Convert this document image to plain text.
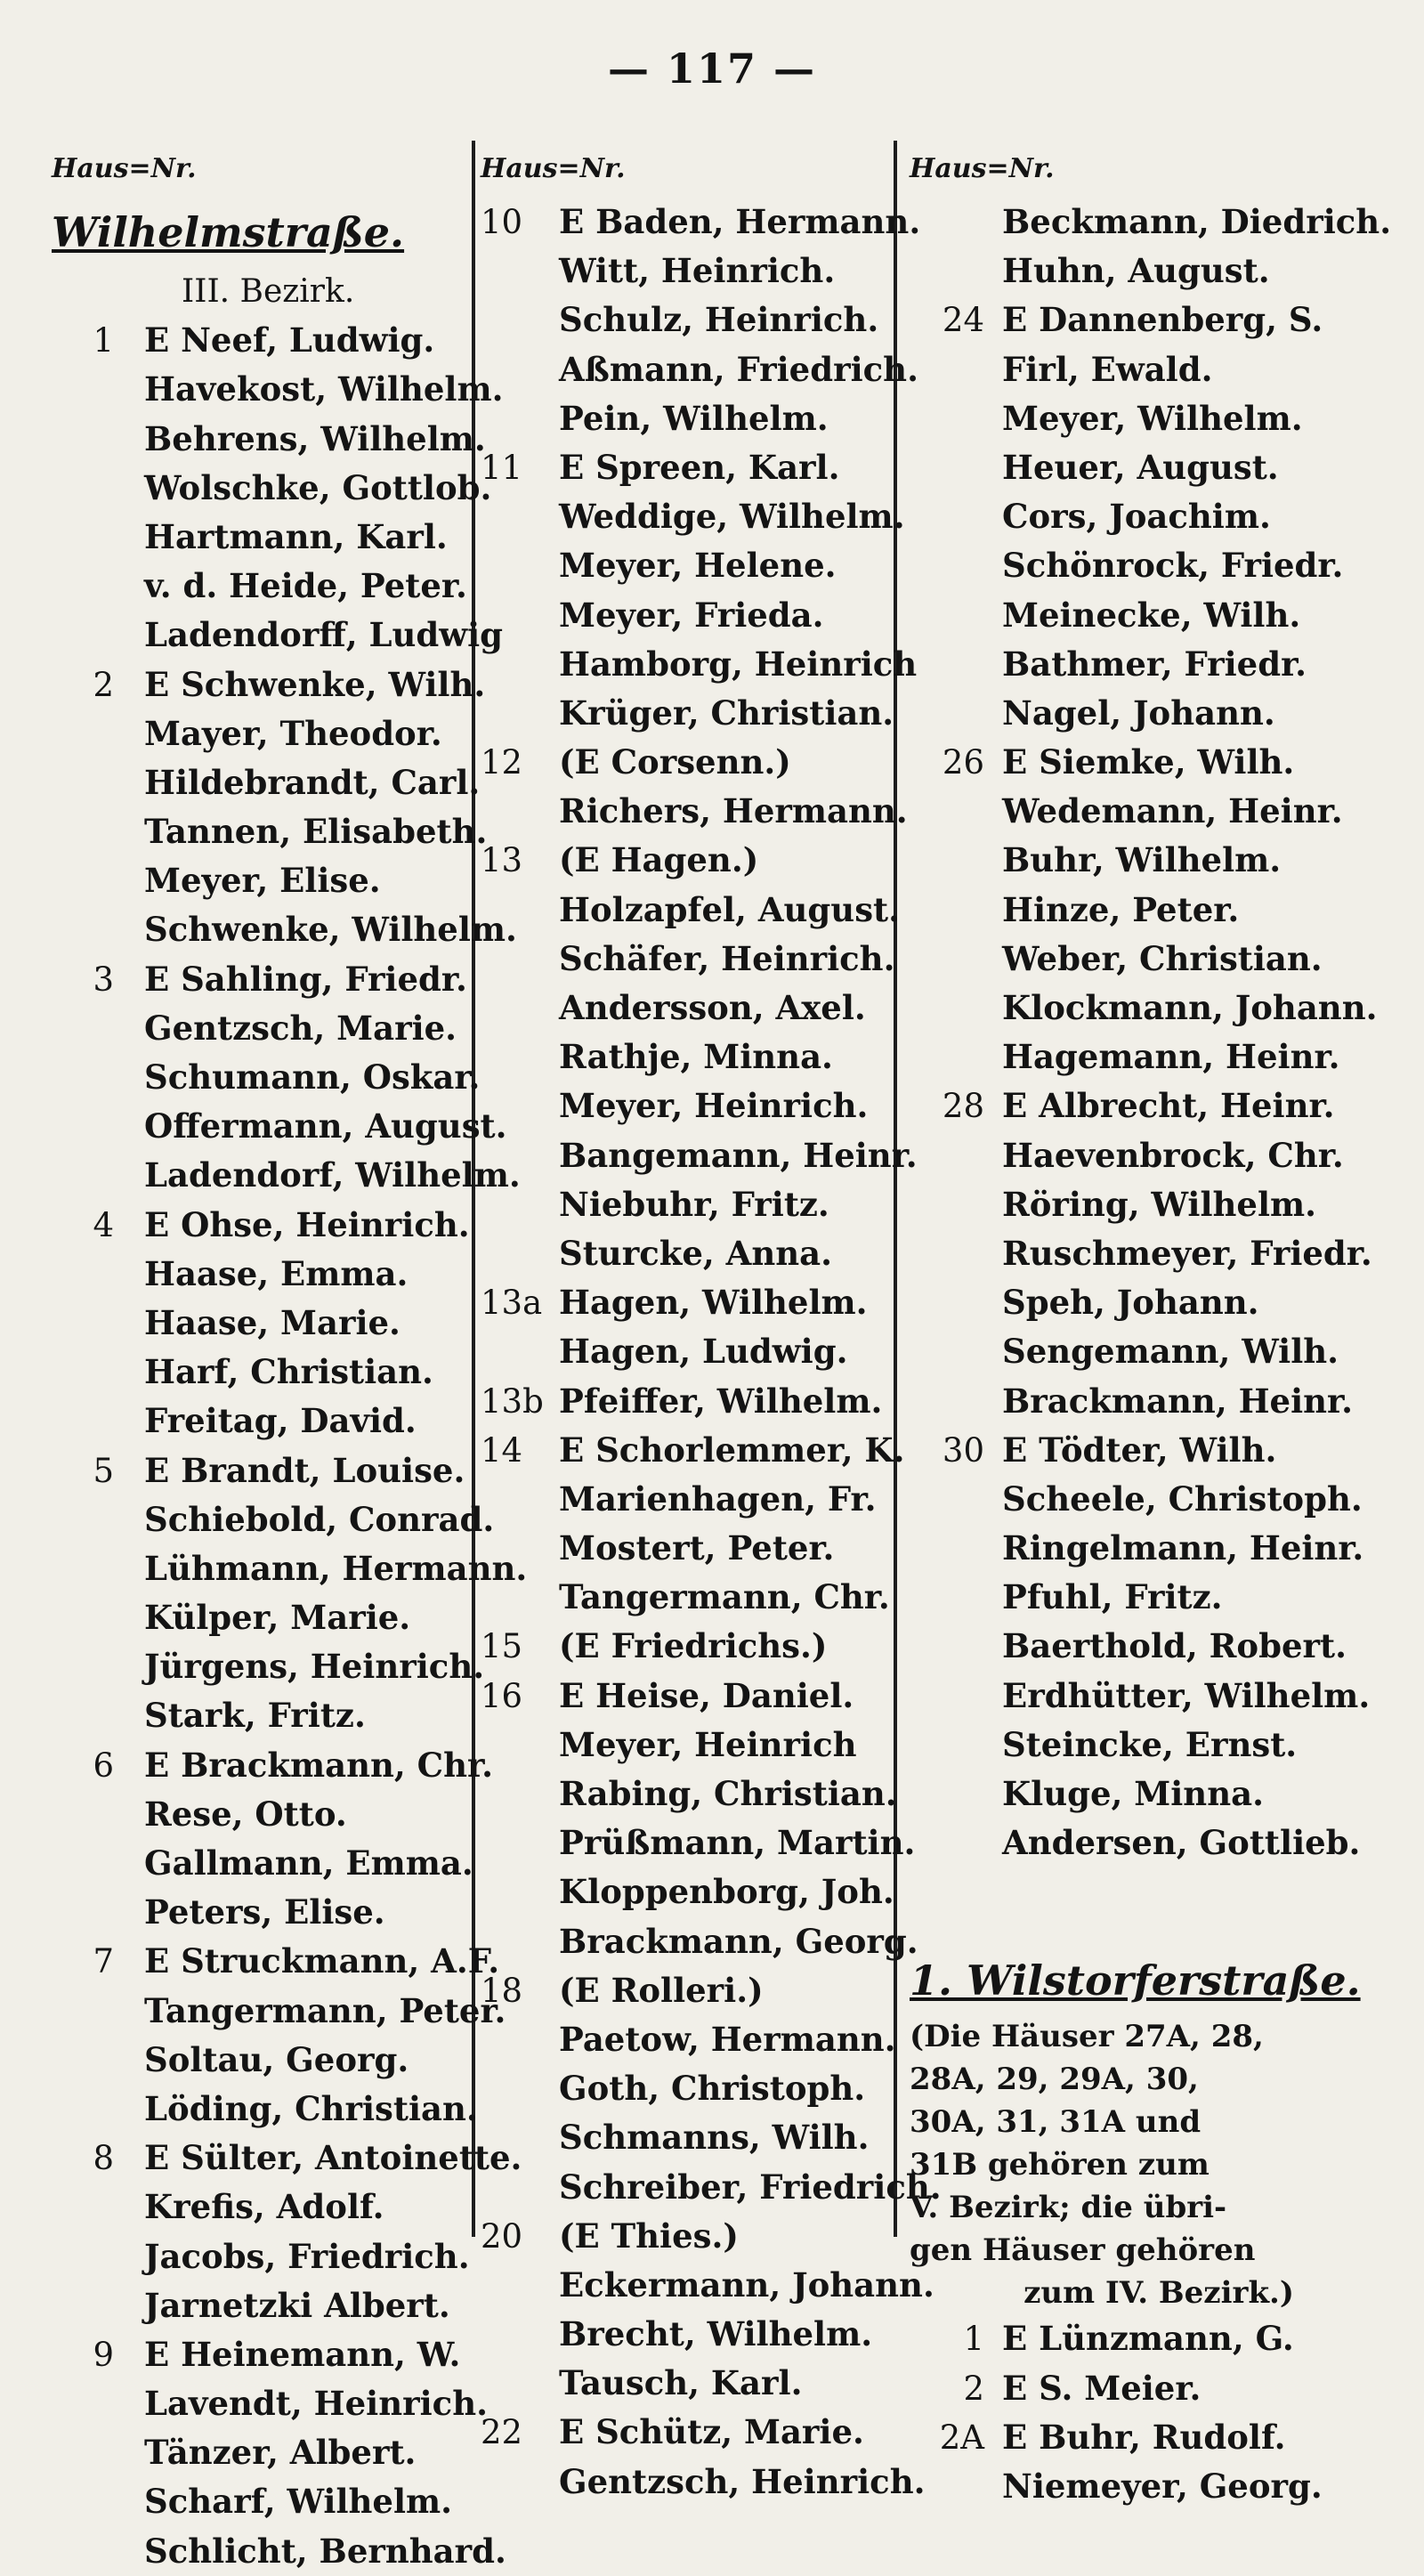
— 117 —
Haus=Nr.
Wilhelmstraße.
III. Bezirk.
1 E Neef, Ludwig.
Havekost, Wilhelm.
Behrens, Wilhelm.
Wolschke, Gottlob.
Hartmann, Karl.
v. d. Heide, Peter.
Ladendorff, Ludwig
2 E Schwenke, Wilh.
Mayer, Theodor.
Hildebrandt, Carl.
Tannen, Elisabeth.
Meyer, Elise.
Schwenke, Wilhelm.
3 E Sahling, Friedr.
Gentzsch, Marie.
Schumann, Oskar.
Offermann, August.
Ladendorf, Wilhelm.
4 E Ohse, Heinrich.
Haase, Emma.
Haase, Marie.
Harf, Christian.
Freitag, David.
5 E Brandt, Louise.
Schiebold, Conrad.
Lühmann, Hermann.
Külper, Marie.
Jürgens, Heinrich.
Stark, Fritz.
6 E Brackmann, Chr.
Rese, Otto.
Gallmann, Emma.
Peters, Elise.
7 E Struckmann, A.F.
Tangermann, Peter.
Soltau, Georg.
Löding, Christian.
8 E Sülter, Antoinette.
Krefis, Adolf.
Jacobs, Friedrich.
Jarnetzki Albert.
9 E Heinemann, W.
Lavendt, Heinrich.
Tänzer, Albert.
Scharf, Wilhelm.
Schlicht, Bernhard.
Haus=Nr.
10	E Baden, Hermann.
Witt, Heinrich.
Schulz, Heinrich.
Aßmann, Friedrich.
Pein, Wilhelm.
11	E Spreen, Karl.
Weddige, Wilhelm.
Meyer, Helene.
Meyer, Frieda.
Hamborg, Heinrich
Krüger, Christian.
12	(E Corsenn.)
Richers, Hermann.
13	(E Hagen.)
Holzapfel, August.
Schäfer, Heinrich.
Andersson, Axel.
Rathje, Minna.
Meyer, Heinrich.
Bangemann, Heinr.
Niebuhr, Fritz.
Sturcke, Anna.
13a Hagen, Wilhelm.
Hagen, Ludwig.
13b Pfeiffer, Wilhelm.
14	E Schorlemmer, K.
Marienhagen, Fr.
Mostert, Peter.
Tangermann, Chr.
15	(E Friedrichs.)
16	E Heise, Daniel.
Meyer, Heinrich
Rabing, Christian.
Prüßmann, Martin.
Kloppenborg, Joh.
Brackmann, Georg.
18	(E Rolleri.)
Paetow, Hermann.
Goth, Christoph.
Schmanns, Wilh.
Schreiber, Friedrich.
20	(E Thies.)
Eckermann, Johann.
Brecht, Wilhelm.
Tausch, Karl.
22	E Schütz, Marie.
Gentzsch, Heinrich.
Haus=Nr.
Beckmann, Diedrich.
Huhn, August.
24 E Dannenberg, S.
Firl, Ewald.
Meyer, Wilhelm.
Heuer, August.
Cors, Joachim.
Schönrock, Friedr.
Meinecke, Wilh.
Bathmer, Friedr.
Nagel, Johann.
26 E Siemke, Wilh.
Wedemann, Heinr.
Buhr, Wilhelm.
Hinze, Peter.
Weber, Christian.
Klockmann, Johann.
Hagemann, Heinr.
28 E Albrecht, Heinr.
Haevenbrock, Chr.
Röring, Wilhelm.
Ruschmeyer, Friedr.
Speh, Johann.
Sengemann, Wilh.
Brackmann, Heinr.
30 E Tödter, Wilh.
Scheele, Christoph.
Ringelmann, Heinr.
Pfuhl, Fritz.
Baerthold, Robert.
Erdhütter, Wilhelm.
Steincke, Ernst.
Kluge, Minna.
Andersen, Gottlieb.
1. Wilstorferstraße.
(Die Häuser 27A, 28,
28A, 29, 29A, 30,
30A, 31, 31A und
31B gehören zum
V. Bezirk; die übri-
gen Häuser gehören
zum IV. Bezirk.)
1 E Lünzmann, G.
2 E S. Meier.
2A E Buhr, Rudolf.
Niemeyer, Georg.
